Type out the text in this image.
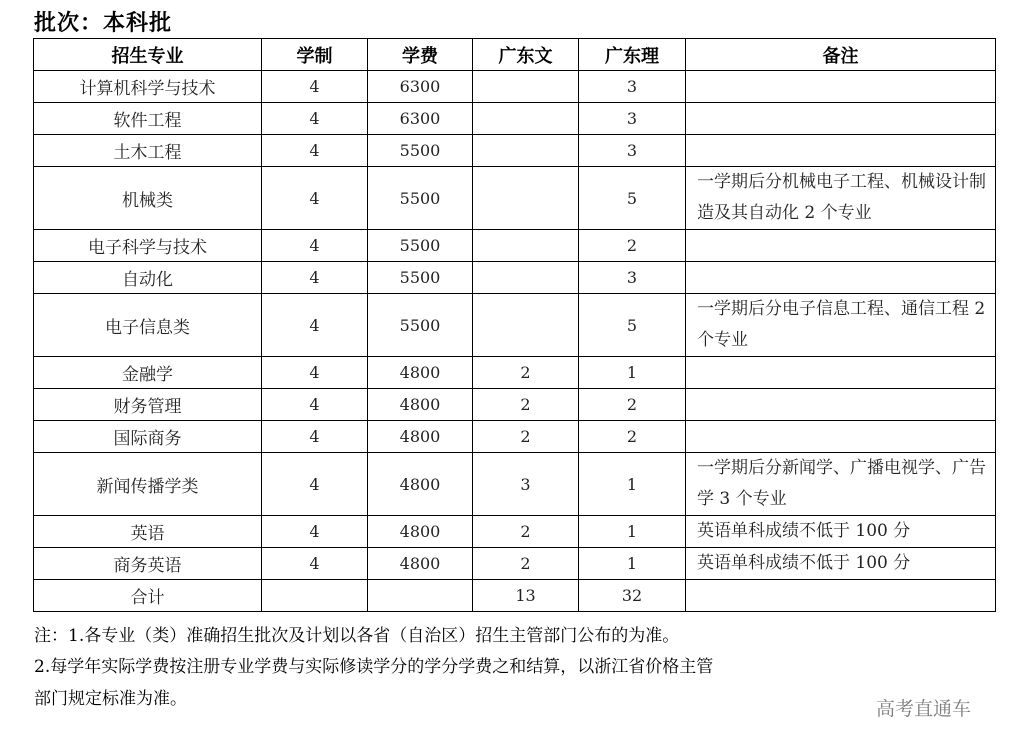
批次：本科批
招生专业	学制	学费	广东文	广东理	备注
计算机科学与技术	4	6300		3	
软件工程	4	6300		3	
土木工程	4	5500		3	
机械类	4	5500		5	一学期后分机械电子工程、机械设计制造及其自动化 2 个专业
电子科学与技术	4	5500		2	
自动化	4	5500		3	
电子信息类	4	5500		5	一学期后分电子信息工程、通信工程 2 个专业
金融学	4	4800	2	1	
财务管理	4	4800	2	2	
国际商务	4	4800	2	2	
新闻传播学类	4	4800	3	1	一学期后分新闻学、广播电视学、广告学 3 个专业
英语	4	4800	2	1	英语单科成绩不低于 100 分
商务英语	4	4800	2	1	英语单科成绩不低于 100 分
合计			13	32	
注：1.各专业（类）准确招生批次及计划以各省（自治区）招生主管部门公布的为准。
2.每学年实际学费按注册专业学费与实际修读学分的学分学费之和结算，以浙江省价格主管
部门规定标准为准。	高考直通车
